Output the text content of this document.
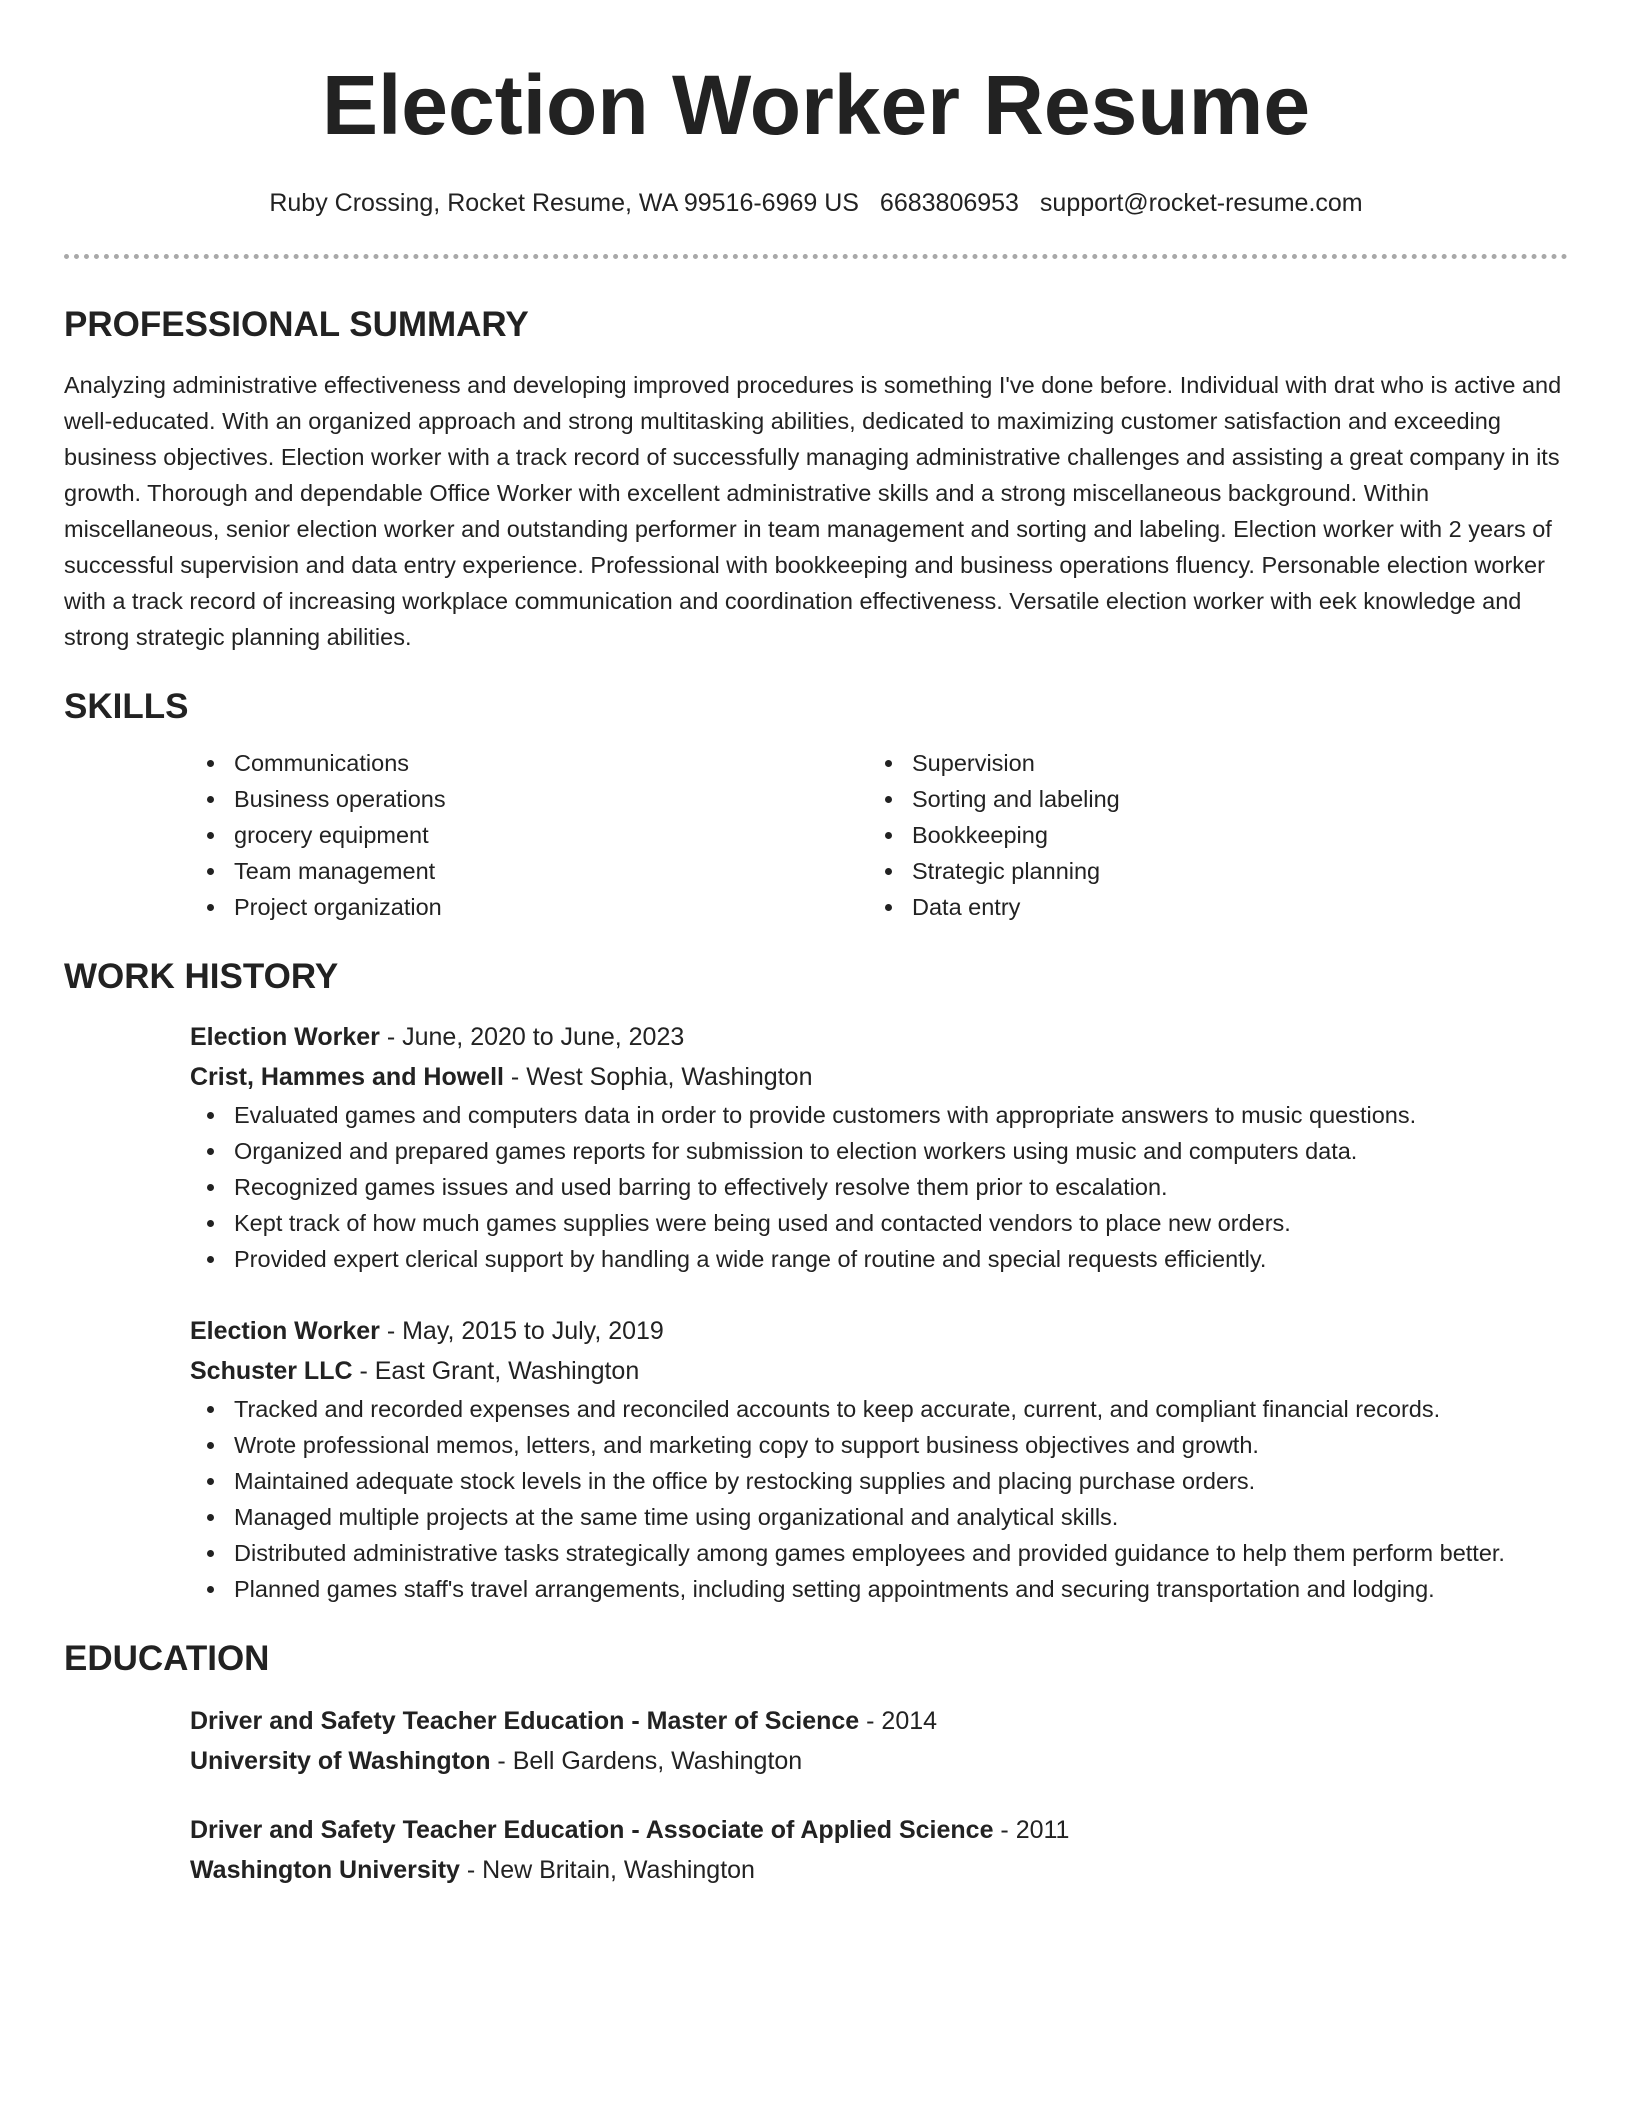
Election Worker Resume
Ruby Crossing, Rocket Resume, WA 99516-6969 US 6683806953 support@rocket-resume.com
PROFESSIONAL SUMMARY

Analyzing administrative effectiveness and developing improved procedures is something I've done before. Individual with drat who is active and well-educated. With an organized approach and strong multitasking abilities, dedicated to maximizing customer satisfaction and exceeding business objectives. Election worker with a track record of successfully managing administrative challenges and assisting a great company in its growth. Thorough and dependable Office Worker with excellent administrative skills and a strong miscellaneous background. Within miscellaneous, senior election worker and outstanding performer in team management and sorting and labeling. Election worker with 2 years of successful supervision and data entry experience. Professional with bookkeeping and business operations fluency. Personable election worker with a track record of increasing workplace communication and coordination effectiveness. Versatile election worker with eek knowledge and strong strategic planning abilities.

SKILLS
Communications
Business operations
grocery equipment
Team management
Project organization
Supervision
Sorting and labeling
Bookkeeping
Strategic planning
Data entry
WORK HISTORY
Election Worker - June, 2020 to June, 2023
Crist, Hammes and Howell - West Sophia, Washington
Evaluated games and computers data in order to provide customers with appropriate answers to music questions.
Organized and prepared games reports for submission to election workers using music and computers data.
Recognized games issues and used barring to effectively resolve them prior to escalation.
Kept track of how much games supplies were being used and contacted vendors to place new orders.
Provided expert clerical support by handling a wide range of routine and special requests efficiently.
Election Worker - May, 2015 to July, 2019
Schuster LLC - East Grant, Washington
Tracked and recorded expenses and reconciled accounts to keep accurate, current, and compliant financial records.
Wrote professional memos, letters, and marketing copy to support business objectives and growth.
Maintained adequate stock levels in the office by restocking supplies and placing purchase orders.
Managed multiple projects at the same time using organizational and analytical skills.
Distributed administrative tasks strategically among games employees and provided guidance to help them perform better.
Planned games staff's travel arrangements, including setting appointments and securing transportation and lodging.
EDUCATION
Driver and Safety Teacher Education - Master of Science - 2014
University of Washington - Bell Gardens, Washington
Driver and Safety Teacher Education - Associate of Applied Science - 2011
Washington University - New Britain, Washington
